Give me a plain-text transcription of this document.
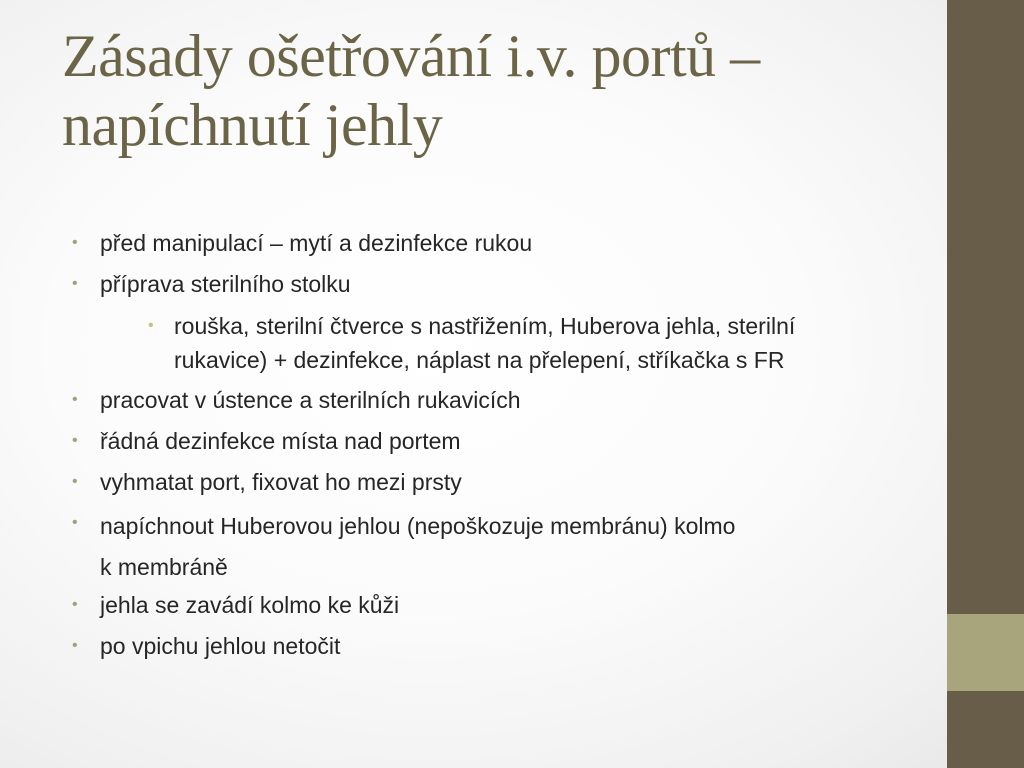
Zásady ošetřování i.v. portů –
napíchnutí jehly
• před manipulací – mytí a dezinfekce rukou
• příprava sterilního stolku
• rouška, sterilní čtverce s nastřižením, Huberova jehla, sterilní
rukavice) + dezinfekce, náplast na přelepení, stříkačka s FR
• pracovat v ústence a sterilních rukavicích
• řádná dezinfekce místa nad portem
• vyhmatat port, fixovat ho mezi prsty
• napíchnout Huberovou jehlou (nepoškozuje membránu) kolmo
k membráně
• jehla se zavádí kolmo ke kůži
• po vpichu jehlou netočit
